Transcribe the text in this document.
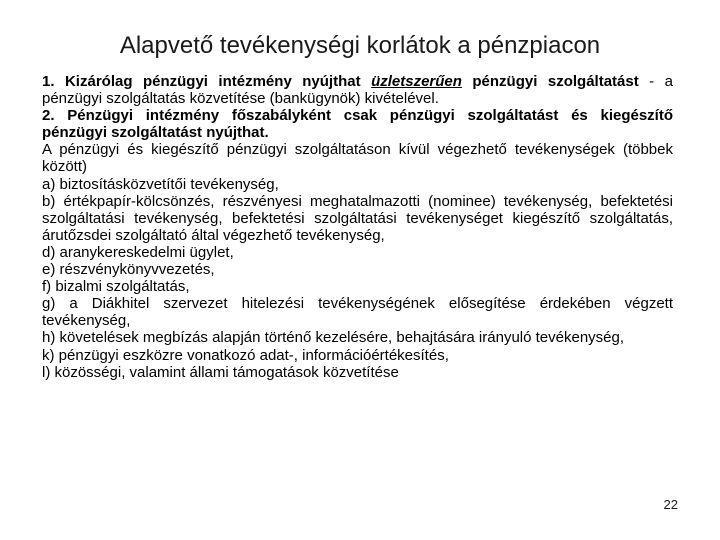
Alapvető tevékenységi korlátok a pénzpiacon

1. Kizárólag pénzügyi intézmény nyújthat üzletszerűen pénzügyi szolgáltatást - a pénzügyi szolgáltatás közvetítése (bankügynök) kivételével.

2. Pénzügyi intézmény főszabályként csak pénzügyi szolgáltatást és kiegészítő pénzügyi szolgáltatást nyújthat.

A pénzügyi és kiegészítő pénzügyi szolgáltatáson kívül végezhető tevékenységek (többek között)

a) biztosításközvetítői tevékenység,

b) értékpapír-kölcsönzés, részvényesi meghatalmazotti (nominee) tevékenység, befektetési szolgáltatási tevékenység, befektetési szolgáltatási tevékenységet kiegészítő szolgáltatás, árutőzsdei szolgáltató által végezhető tevékenység,

d) aranykereskedelmi ügylet,

e) részvénykönyvvezetés,

f) bizalmi szolgáltatás,

g) a Diákhitel szervezet hitelezési tevékenységének elősegítése érdekében végzett tevékenység,

h) követelések megbízás alapján történő kezelésére, behajtására irányuló tevékenység,

k) pénzügyi eszközre vonatkozó adat-, információértékesítés,

l) közösségi, valamint állami támogatások közvetítése

22
